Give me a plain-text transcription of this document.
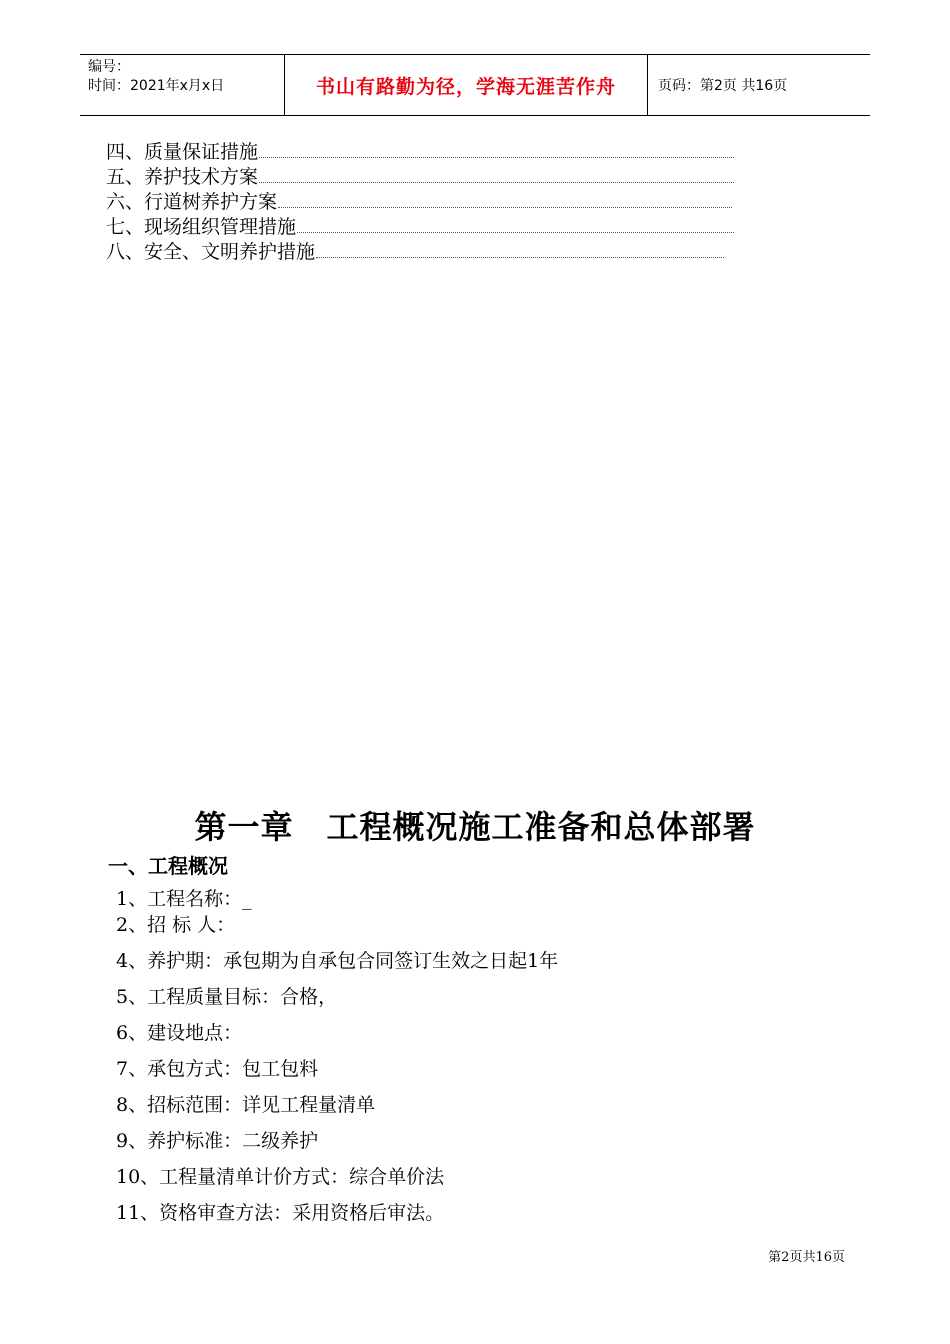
编号：
时间：2021年x月x日	书山有路勤为径，学海无涯苦作舟	页码：第2页 共16页
四、质量保证措施
五、养护技术方案
六、行道树养护方案
七、现场组织管理措施
八、安全、文明养护措施
第一章　工程概况施工准备和总体部署
一、工程概况
1、工程名称：_
2、招 标 人：
4、养护期：承包期为自承包合同签订生效之日起1年
5、工程质量目标：合格，
6、建设地点：
7、承包方式：包工包料
8、招标范围：详见工程量清单
9、养护标准：二级养护
10、工程量清单计价方式：综合单价法
11、资格审查方法：采用资格后审法。
第2页共16页
